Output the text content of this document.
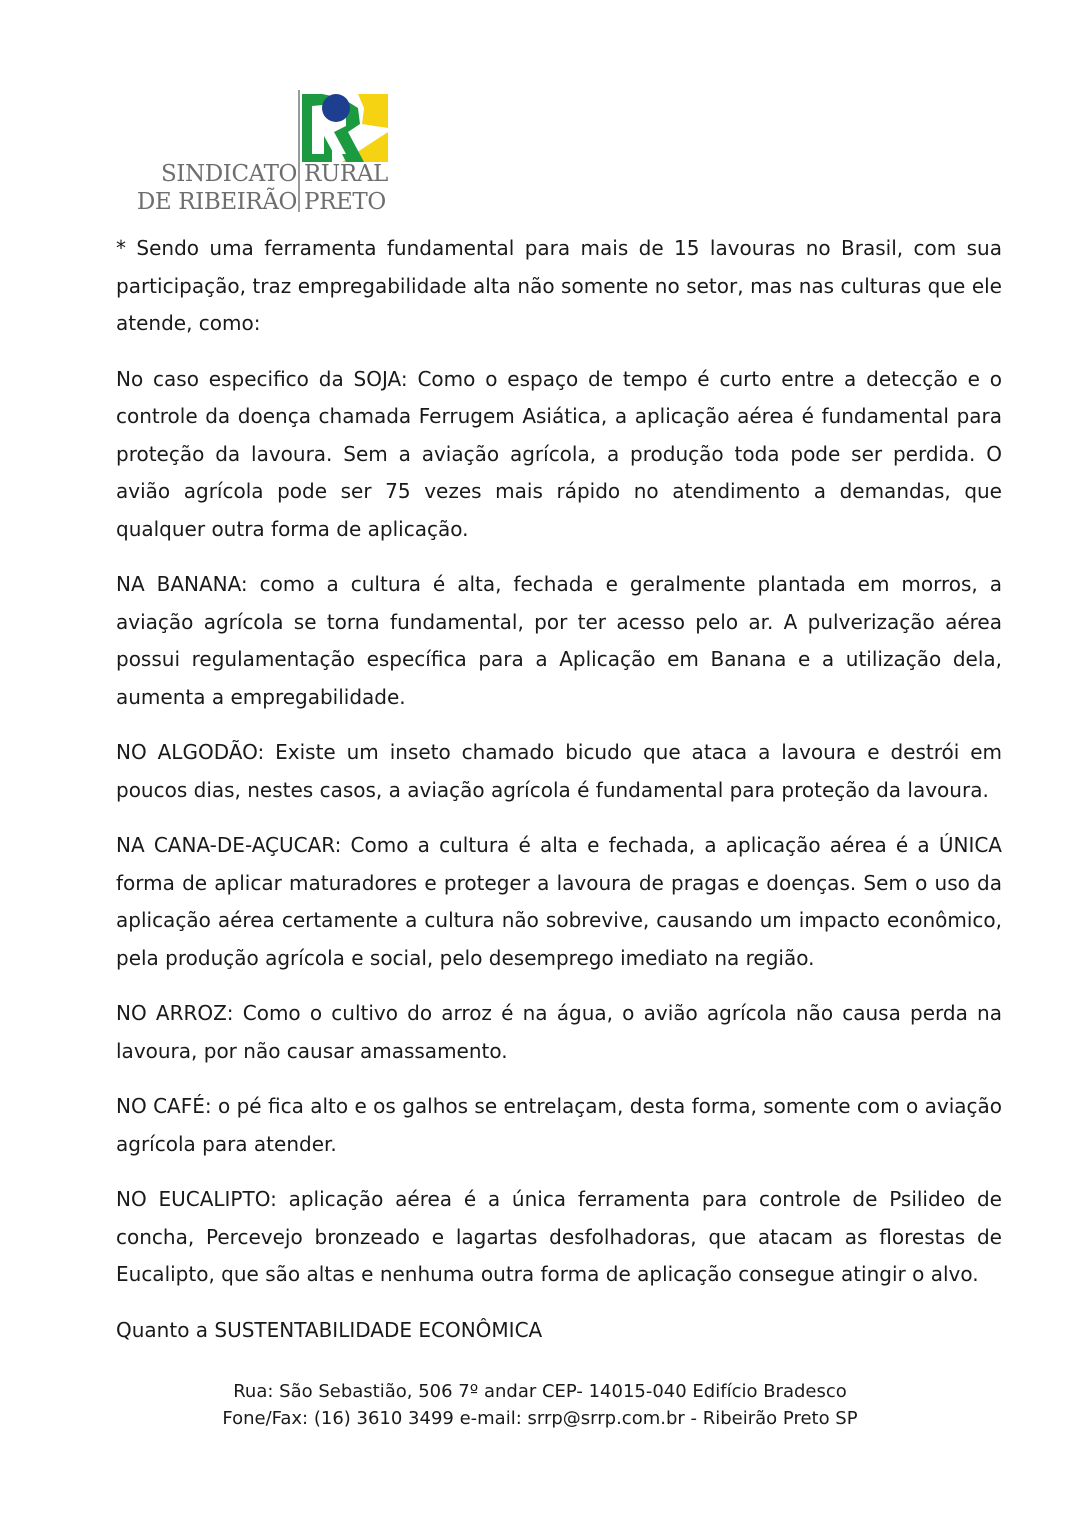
SINDICATO
DE RIBEIRÃO
RURAL
PRETO

* Sendo uma ferramenta fundamental para mais de 15 lavouras no Brasil, com sua participação, traz empregabilidade alta não somente no setor, mas nas culturas que ele atende, como:

No caso especifico da SOJA: Como o espaço de tempo é curto entre a detecção e o controle da doença chamada Ferrugem Asiática, a aplicação aérea é fundamental para proteção da lavoura. Sem a aviação agrícola, a produção toda pode ser perdida. O avião agrícola pode ser 75 vezes mais rápido no atendimento a demandas, que qualquer outra forma de aplicação.

NA BANANA: como a cultura é alta, fechada e geralmente plantada em morros, a aviação agrícola se torna fundamental, por ter acesso pelo ar. A pulverização aérea possui regulamentação específica para a Aplicação em Banana e a utilização dela, aumenta a empregabilidade.

NO ALGODÃO: Existe um inseto chamado bicudo que ataca a lavoura e destrói em poucos dias, nestes casos, a aviação agrícola é fundamental para proteção da lavoura.

NA CANA-DE-AÇUCAR: Como a cultura é alta e fechada, a aplicação aérea é a ÚNICA forma de aplicar maturadores e proteger a lavoura de pragas e doenças. Sem o uso da aplicação aérea certamente a cultura não sobrevive, causando um impacto econômico, pela produção agrícola e social, pelo desemprego imediato na região.

NO ARROZ: Como o cultivo do arroz é na água, o avião agrícola não causa perda na lavoura, por não causar amassamento.

NO CAFÉ: o pé fica alto e os galhos se entrelaçam, desta forma, somente com o aviação agrícola para atender.

NO EUCALIPTO: aplicação aérea é a única ferramenta para controle de Psilideo de concha, Percevejo bronzeado e lagartas desfolhadoras, que atacam as florestas de Eucalipto, que são altas e nenhuma outra forma de aplicação consegue atingir o alvo.

Quanto a SUSTENTABILIDADE ECONÔMICA

Rua: São Sebastião, 506 7º andar CEP- 14015-040 Edifício Bradesco
Fone/Fax: (16) 3610 3499 e-mail: srrp@srrp.com.br - Ribeirão Preto SP
